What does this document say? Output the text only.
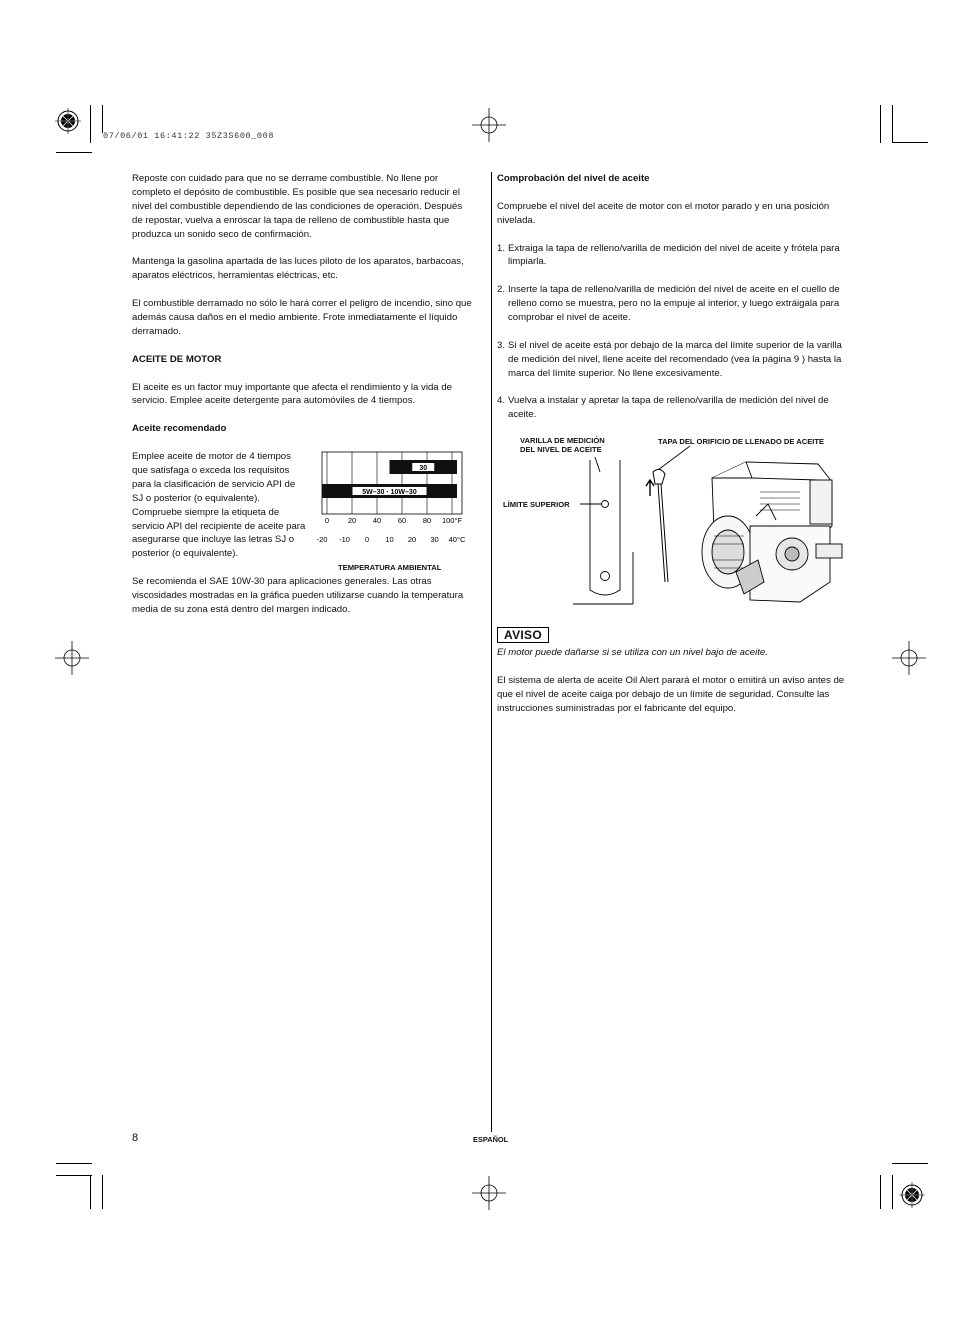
07/06/01 16:41:22 35Z3S600_008

Reposte con cuidado para que no se derrame combustible. No llene por completo el depósito de combustible. Es posible que sea necesario reducir el nivel del combustible dependiendo de las condiciones de operación. Después de repostar, vuelva a enroscar la tapa de relleno de combustible hasta que produzca un sonido seco de confirmación.

Mantenga la gasolina apartada de las luces piloto de los aparatos, barbacoas, aparatos eléctricos, herramientas eléctricas, etc.

El combustible derramado no sólo le hará correr el peligro de incendio, sino que además causa daños en el medio ambiente. Frote inmediatamente el líquido derramado.

ACEITE DE MOTOR

El aceite es un factor muy importante que afecta el rendimiento y la vida de servicio. Emplee aceite detergente para automóviles de 4 tiempos.

Aceite recomendado

Emplee aceite de motor de 4 tiempos que satisfaga o exceda los requisitos para la clasificación de servicio API de SJ o posterior (o equivalente). Compruebe siempre la etiqueta de servicio API del recipiente de aceite para asegurarse que incluye las letras SJ o posterior (o equivalente).

Se recomienda el SAE 10W-30 para aplicaciones generales. Las otras viscosidades mostradas en la gráfica pueden utilizarse cuando la temperatura media de su zona está dentro del margen indicado.

30
5W–30 · 10W–30
0 20 40 60 80 100°F
-20 -10 0 10 20 30 40°C
TEMPERATURA AMBIENTAL

Comprobación del nivel de aceite

Compruebe el nivel del aceite de motor con el motor parado y en una posición nivelada.

1. Extraiga la tapa de relleno/varilla de medición del nivel de aceite y frótela para limpiarla.
2. Inserte la tapa de relleno/varilla de medición del nivel de aceite en el cuello de relleno como se muestra, pero no la empuje al interior, y luego extráigala para comprobar el nivel de aceite.
3. Si el nivel de aceite está por debajo de la marca del límite superior de la varilla de medición del nivel, llene aceite del recomendado (vea la página 9 ) hasta la marca del límite superior. No llene excesivamente.
4. Vuelva a instalar y apretar la tapa de relleno/varilla de medición del nivel de aceite.
VARILLA DE MEDICIÓN
DEL NIVEL DE ACEITE
TAPA DEL ORIFICIO DE LLENADO DE ACEITE
LÍMITE SUPERIOR
AVISO

El motor puede dañarse si se utiliza con un nivel bajo de aceite.

El sistema de alerta de aceite Oil Alert parará el motor o emitirá un aviso antes de que el nivel de aceite caiga por debajo de un límite de seguridad. Consulte las instrucciones suministradas por el fabricante del equipo.

8	ESPAÑOL
